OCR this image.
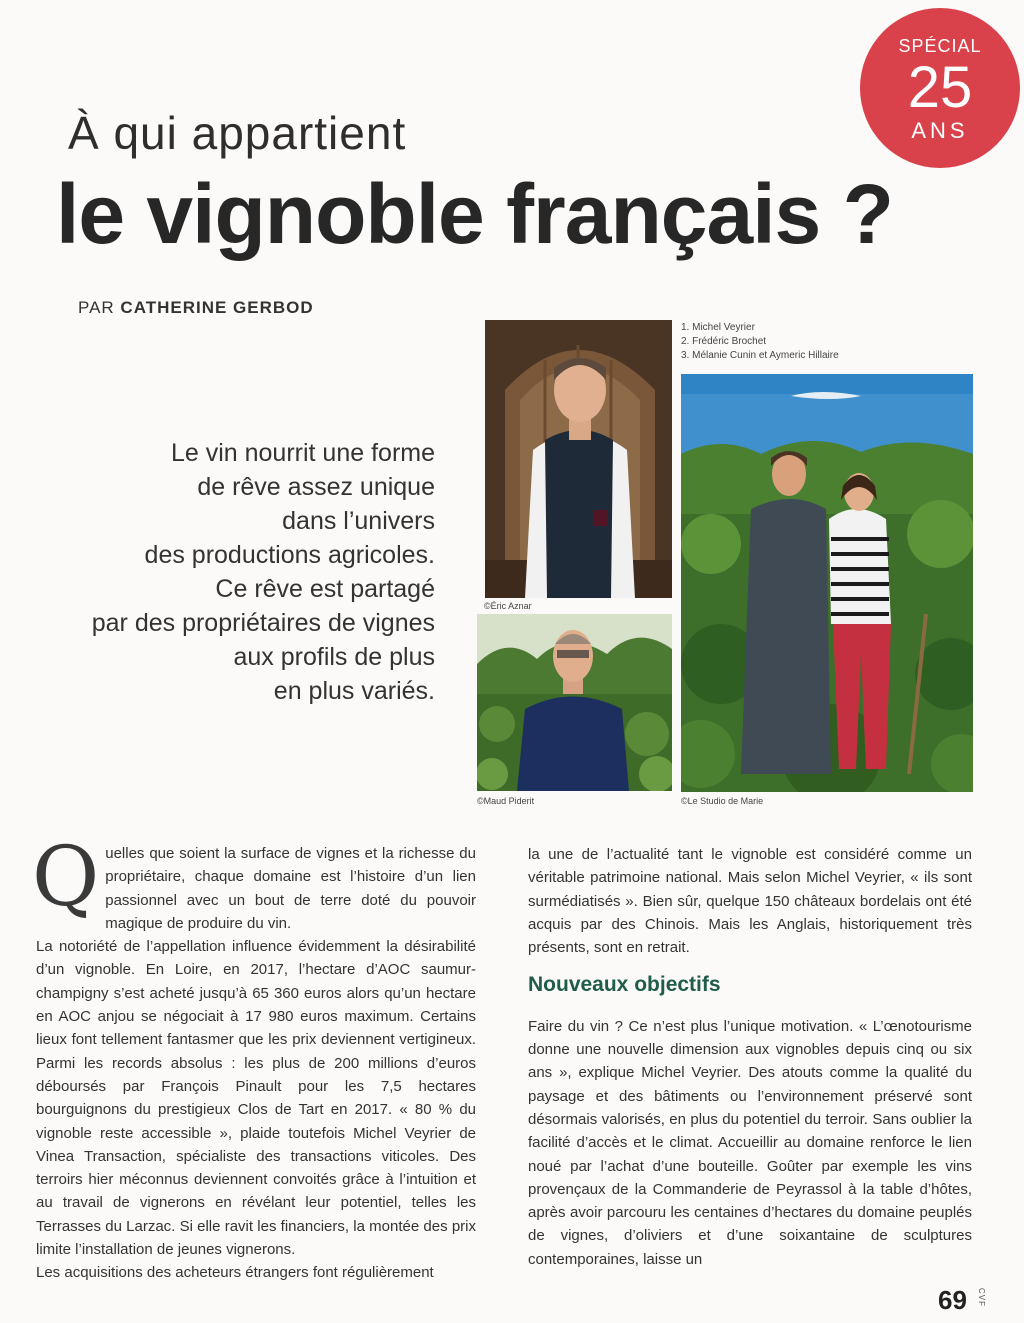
SPÉCIAL
25
ANS
À qui appartient
le vignoble français ?
PAR CATHERINE GERBOD
Le vin nourrit une forme
de rêve assez unique
dans l’univers
des productions agricoles.
Ce rêve est partagé
par des propriétaires de vignes
aux profils de plus
en plus variés.
©Éric Aznar
©Maud Piderit
1. Michel Veyrier
2. Frédéric Brochet
3. Mélanie Cunin et Aymeric Hillaire
©Le Studio de Marie

Quelles que soient la surface de vignes et la richesse du propriétaire, chaque domaine est l’histoire d’un lien passionnel avec un bout de terre doté du pouvoir magique de produire du vin.

La notoriété de l’appellation influence évidemment la désirabilité d’un vignoble. En Loire, en 2017, l’hectare d’AOC saumur-champigny s’est acheté jusqu’à 65 360 euros alors qu’un hectare en AOC anjou se négociait à 17 980 euros maximum. Certains lieux font tellement fantasmer que les prix deviennent vertigineux. Parmi les records absolus : les plus de 200 millions d’euros déboursés par François Pinault pour les 7,5 hectares bourguignons du prestigieux Clos de Tart en 2017. « 80 % du vignoble reste accessible », plaide toutefois Michel Veyrier de Vinea Transaction, spécialiste des transactions viticoles. Des terroirs hier méconnus deviennent convoités grâce à l’intuition et au travail de vignerons en révélant leur potentiel, telles les Terrasses du Larzac. Si elle ravit les financiers, la montée des prix limite l’installation de jeunes vignerons.

Les acquisitions des acheteurs étrangers font régulièrement

la une de l’actualité tant le vignoble est considéré comme un véritable patrimoine national. Mais selon Michel Veyrier, « ils sont surmédiatisés ». Bien sûr, quelque 150 châteaux bordelais ont été acquis par des Chinois. Mais les Anglais, historiquement très présents, sont en retrait.

Nouveaux objectifs

Faire du vin ? Ce n’est plus l’unique motivation. « L’œnotourisme donne une nouvelle dimension aux vignobles depuis cinq ou six ans », explique Michel Veyrier. Des atouts comme la qualité du paysage et des bâtiments ou l’environnement préservé sont désormais valorisés, en plus du potentiel du terroir. Sans oublier la facilité d’accès et le climat. Accueillir au domaine renforce le lien noué par l’achat d’une bouteille. Goûter par exemple les vins provençaux de la Commanderie de Peyrassol à la table d’hôtes, après avoir parcouru les centaines d’hectares du domaine peuplés de vignes, d’oliviers et d’une soixantaine de sculptures contemporaines, laisse un

69 CVF
